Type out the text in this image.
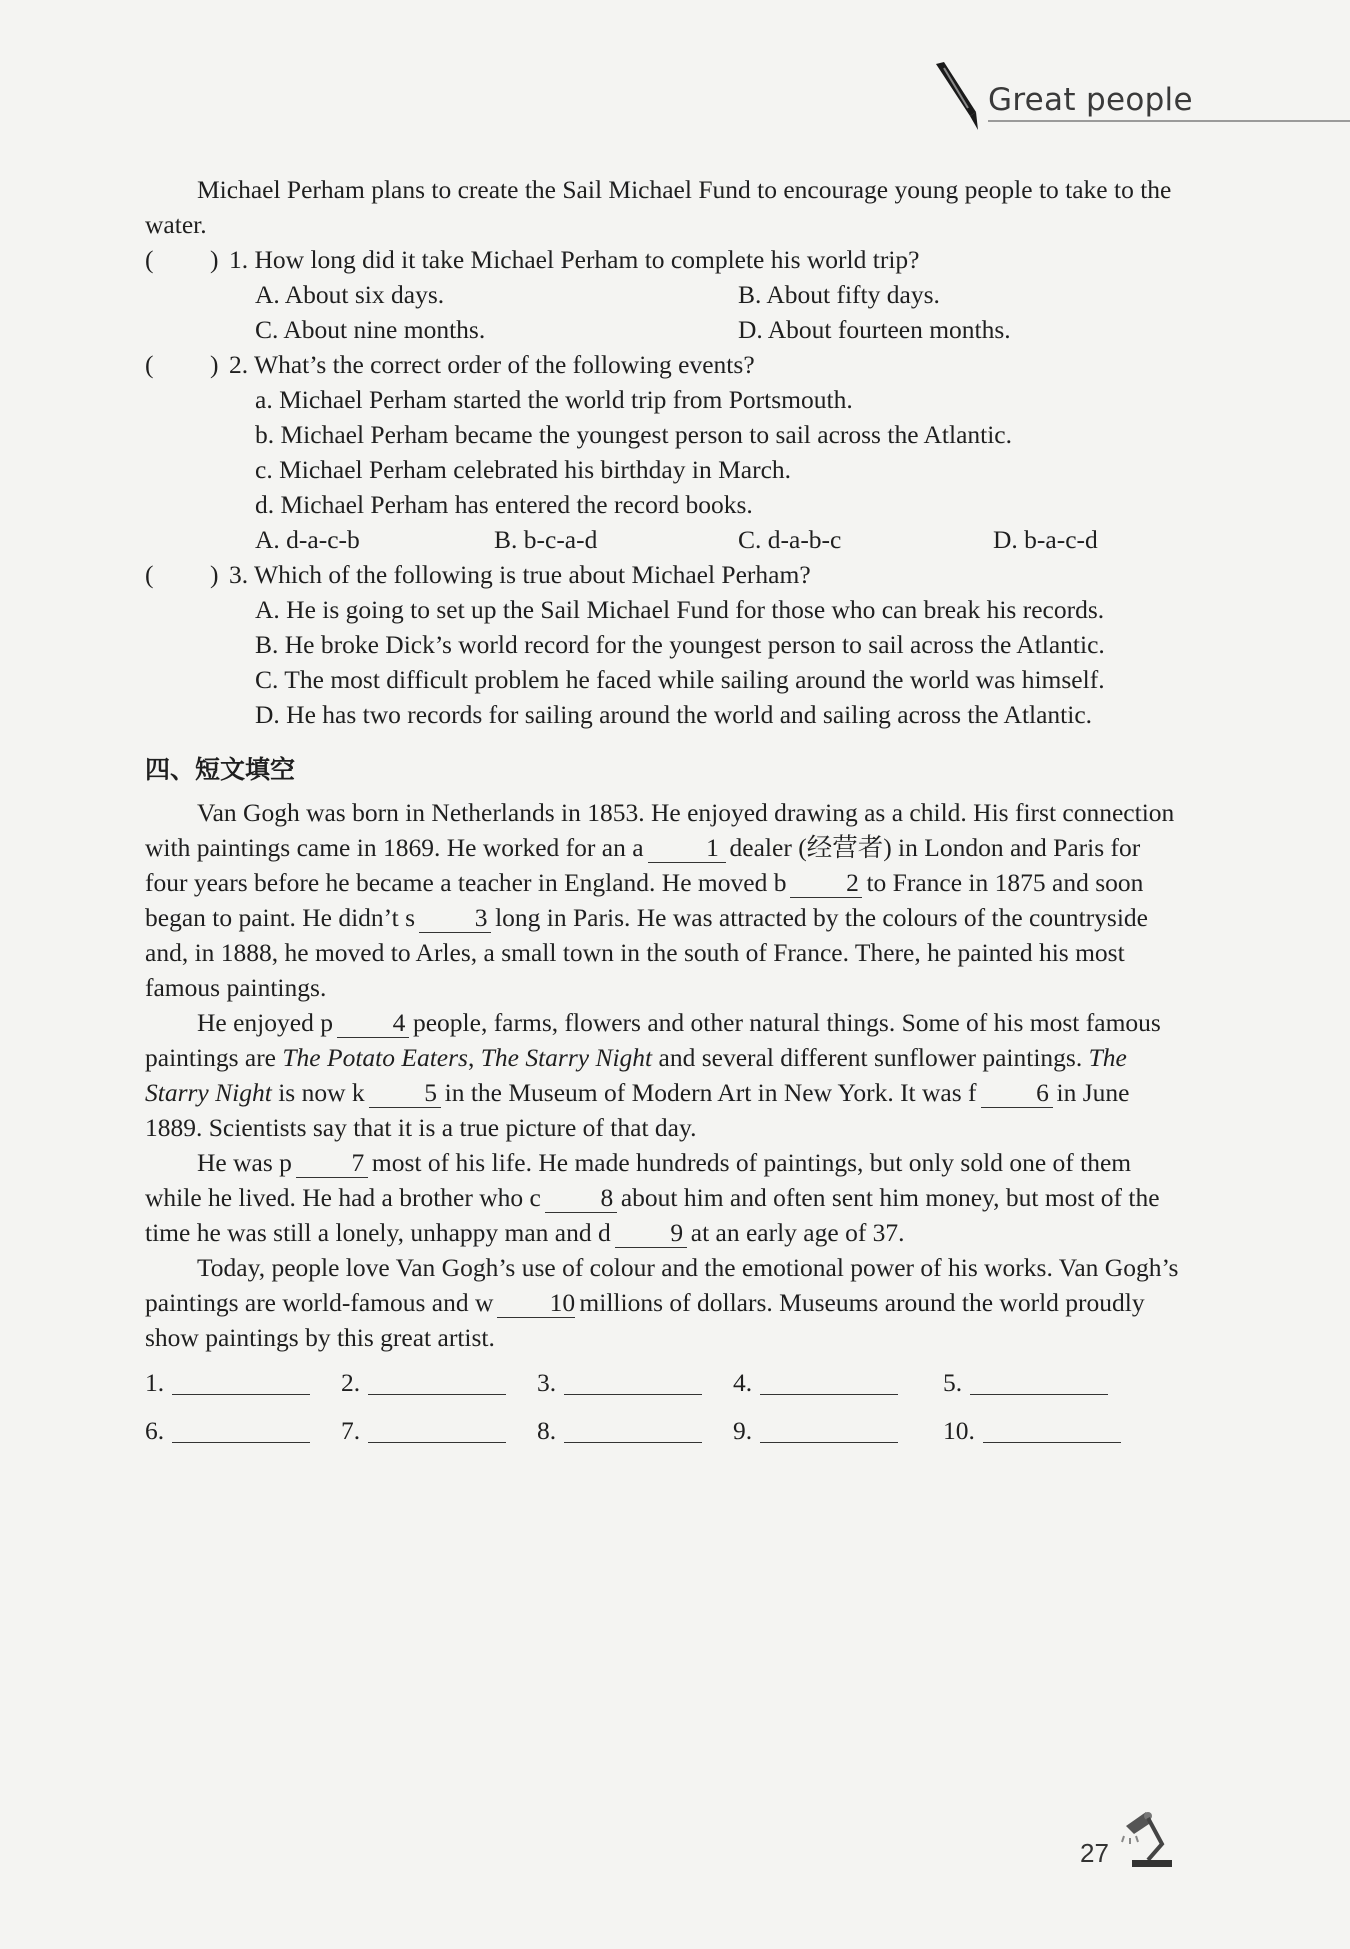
Great people

Michael Perham plans to create the Sail Michael Fund to encourage young people to take to the water.

( ) 1. How long did it take Michael Perham to complete his world trip?
A. About six days.	B. About fifty days.
C. About nine months.	D. About fourteen months.
( ) 2. What’s the correct order of the following events?
a. Michael Perham started the world trip from Portsmouth.
b. Michael Perham became the youngest person to sail across the Atlantic.
c. Michael Perham celebrated his birthday in March.
d. Michael Perham has entered the record books.
A. d-a-c-b	B. b-c-a-d	C. d-a-b-c	D. b-a-c-d
( ) 3. Which of the following is true about Michael Perham?
A. He is going to set up the Sail Michael Fund for those who can break his records.
B. He broke Dick’s world record for the youngest person to sail across the Atlantic.
C. The most difficult problem he faced while sailing around the world was himself.
D. He has two records for sailing around the world and sailing across the Atlantic.
四、短文填空

Van Gogh was born in Netherlands in 1853. He enjoyed drawing as a child. His first connection with paintings came in 1869. He worked for an a 1 dealer (经营者) in London and Paris for four years before he became a teacher in England. He moved b 2 to France in 1875 and soon began to paint. He didn’t s 3 long in Paris. He was attracted by the colours of the countryside and, in 1888, he moved to Arles, a small town in the south of France. There, he painted his most famous paintings.

He enjoyed p 4 people, farms, flowers and other natural things. Some of his most famous paintings are The Potato Eaters, The Starry Night and several different sunflower paintings. The Starry Night is now k 5 in the Museum of Modern Art in New York. It was f 6 in June 1889. Scientists say that it is a true picture of that day.

He was p 7 most of his life. He made hundreds of paintings, but only sold one of them while he lived. He had a brother who c 8 about him and often sent him money, but most of the time he was still a lonely, unhappy man and d 9 at an early age of 37.

Today, people love Van Gogh’s use of colour and the emotional power of his works. Van Gogh’s paintings are world-famous and w 10 millions of dollars. Museums around the world proudly show paintings by this great artist.

1.	2.	3.	4.	5.
6.	7.	8.	9.	10.
27
